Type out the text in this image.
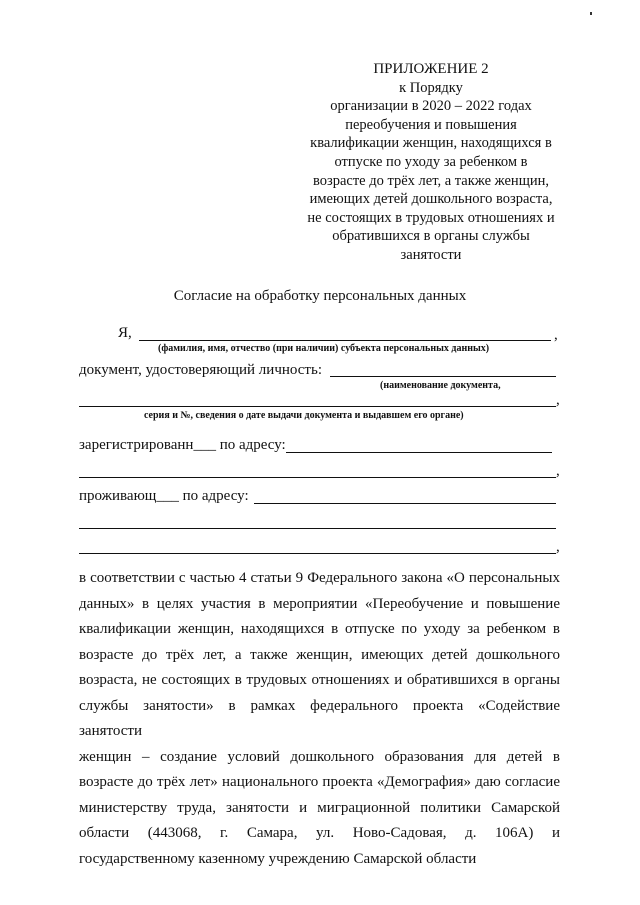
ПРИЛОЖЕНИЕ 2
к Порядку
организации в 2020 – 2022 годах
переобучения и повышения
квалификации женщин, находящихся в
отпуске по уходу за ребенком в
возрасте до трёх лет, а также женщин,
имеющих детей дошкольного возраста,
не состоящих в трудовых отношениях и
обратившихся в органы службы
занятости
Согласие на обработку персональных данных
Я,	,
(фамилия, имя, отчество (при наличии) субъекта персональных данных)
документ, удостоверяющий личность:
(наименование документа,
,
серия и №, сведения о дате выдачи документа и выдавшем его органе)
зарегистрированн___ по адресу:
,
проживающ___ по адресу:
,
в соответствии с частью 4 статьи 9 Федерального закона «О персональных
данных» в целях участия в мероприятии «Переобучение и повышение
квалификации женщин, находящихся в отпуске по уходу за ребенком в
возрасте до трёх лет, а также женщин, имеющих детей дошкольного
возраста, не состоящих в трудовых отношениях и обратившихся в органы
службы занятости» в рамках федерального проекта «Содействие занятости
женщин – создание условий дошкольного образования для детей в
возрасте до трёх лет» национального проекта «Демография» даю согласие
министерству труда, занятости и миграционной политики Самарской
области (443068, г. Самара, ул. Ново-Садовая, д. 106А) и
государственному казенному учреждению Самарской области
